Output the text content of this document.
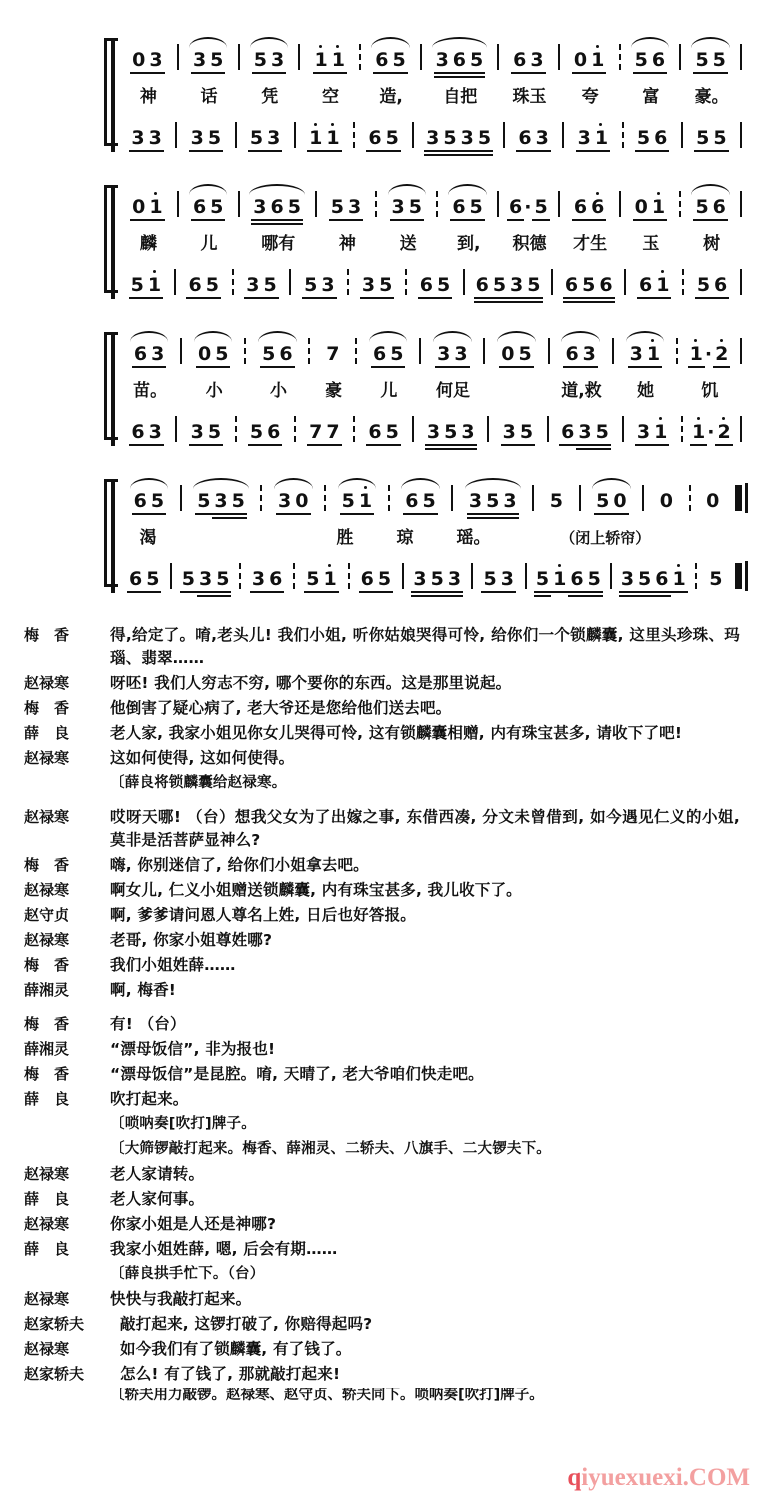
0 3 3 5 5 3 1 1 6 5 3 6 5 6 3 0 1 5 6 5 5
神	话	凭	空	造,	自把	珠玉	夸	富	豪。
3 3 3 5 5 3 1 1 6 5 3 5 3 5 6 3 3 1 5 6 5 5
0 1 6 5 3 6 5 5 3 3 5 6 5 6 · 5 6 6 0 1 5 6
麟	儿	哪有	神	送	到,	积德	才生	玉	树
5 1 6 5 3 5 5 3 3 5 6 5 6 5 3 5 6 5 6 6 1 5 6
6 3 0 5 5 6 7 6 5 3 3 0 5 6 3 3 1 1 · 2
苗。	小	小	豪	儿	何足	道,救	她	饥
6 3 3 5 5 6 7 7 6 5 3 5 3 3 5 6 3 5 3 1 1 · 2
6 5 5 3 5 3 0 5 1 6 5 3 5 3 5 5 0 0 0
渴	胜	琼	瑶。	（闭上轿帘）
6 5 5 3 5 3 6 5 1 6 5 3 5 3 5 3 5 1 6 5 3 5 6 1 5
梅　香	得,给定了。唷,老头儿! 我们小姐, 听你姑娘哭得可怜, 给你们一个锁麟囊, 这里头珍珠、玛瑙、翡翠……
赵禄寒	呀呸! 我们人穷志不穷, 哪个要你的东西。这是那里说起。
梅　香	他倒害了疑心病了, 老大爷还是您给他们送去吧。
薛　良	老人家, 我家小姐见你女儿哭得可怜, 这有锁麟囊相赠, 内有珠宝甚多, 请收下了吧!
赵禄寒	这如何使得, 这如何使得。
〔薛良将锁麟囊给赵禄寒。
赵禄寒	哎呀天哪! （台）想我父女为了出嫁之事, 东借西凑, 分文未曾借到, 如今遇见仁义的小姐, 莫非是活菩萨显神么?
梅　香	嗨, 你别迷信了, 给你们小姐拿去吧。
赵禄寒	啊女儿, 仁义小姐赠送锁麟囊, 内有珠宝甚多, 我儿收下了。
赵守贞	啊, 爹爹请问恩人尊名上姓, 日后也好答报。
赵禄寒	老哥, 你家小姐尊姓哪?
梅　香	我们小姐姓薛……
薛湘灵	啊, 梅香!
梅　香	有! （台）
薛湘灵	“漂母饭信”, 非为报也!
梅　香	“漂母饭信”是昆腔。唷, 天晴了, 老大爷咱们快走吧。
薛　良	吹打起来。
〔唢呐奏[吹打]牌子。
〔大筛锣敲打起来。梅香、薛湘灵、二轿夫、八旗手、二大锣夫下。
赵禄寒	老人家请转。
薛　良	老人家何事。
赵禄寒	你家小姐是人还是神哪?
薛　良	我家小姐姓薛, 嗯, 后会有期……
〔薛良拱手忙下。（台）
赵禄寒	快快与我敲打起来。
赵家轿夫	敲打起来, 这锣打破了, 你赔得起吗?
赵禄寒	如今我们有了锁麟囊, 有了钱了。
赵家轿夫	怎么! 有了钱了, 那就敲打起来!
〔轿夫用力敲锣。赵禄寒、赵守贞、轿夫同下。唢呐奏[吹打]牌子。
qiyuexuexi.COM
